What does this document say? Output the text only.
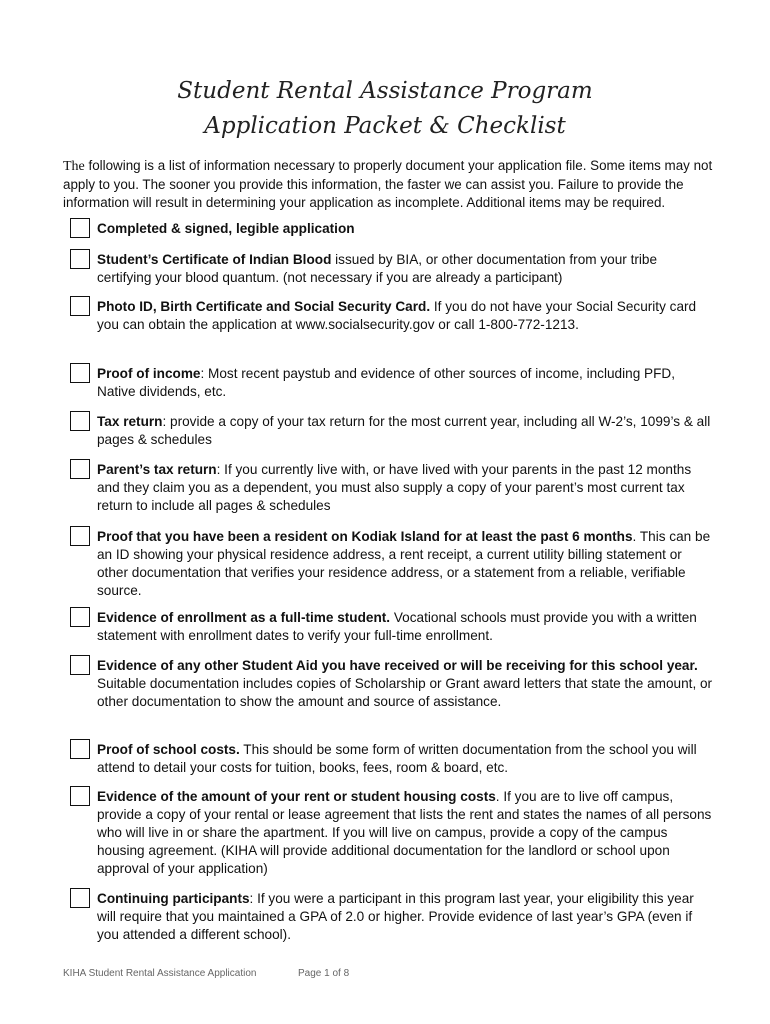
Student Rental Assistance Program
Application Packet & Checklist
The following is a list of information necessary to properly document your application file. Some items may not apply to you. The sooner you provide this information, the faster we can assist you. Failure to provide the information will result in determining your application as incomplete. Additional items may be required.
Completed & signed, legible application
Student’s Certificate of Indian Blood issued by BIA, or other documentation from your tribe certifying your blood quantum. (not necessary if you are already a participant)
Photo ID, Birth Certificate and Social Security Card. If you do not have your Social Security card you can obtain the application at www.socialsecurity.gov or call 1-800-772-1213.
Proof of income: Most recent paystub and evidence of other sources of income, including PFD, Native dividends, etc.
Tax return: provide a copy of your tax return for the most current year, including all W-2’s, 1099’s & all pages & schedules
Parent’s tax return: If you currently live with, or have lived with your parents in the past 12 months and they claim you as a dependent, you must also supply a copy of your parent’s most current tax return to include all pages & schedules
Proof that you have been a resident on Kodiak Island for at least the past 6 months. This can be an ID showing your physical residence address, a rent receipt, a current utility billing statement or other documentation that verifies your residence address, or a statement from a reliable, verifiable source.
Evidence of enrollment as a full-time student. Vocational schools must provide you with a written statement with enrollment dates to verify your full-time enrollment.
Evidence of any other Student Aid you have received or will be receiving for this school year. Suitable documentation includes copies of Scholarship or Grant award letters that state the amount, or other documentation to show the amount and source of assistance.
Proof of school costs. This should be some form of written documentation from the school you will attend to detail your costs for tuition, books, fees, room & board, etc.
Evidence of the amount of your rent or student housing costs. If you are to live off campus, provide a copy of your rental or lease agreement that lists the rent and states the names of all persons who will live in or share the apartment. If you will live on campus, provide a copy of the campus housing agreement. (KIHA will provide additional documentation for the landlord or school upon approval of your application)
Continuing participants: If you were a participant in this program last year, your eligibility this year will require that you maintained a GPA of 2.0 or higher. Provide evidence of last year’s GPA (even if you attended a different school).
KIHA Student Rental Assistance Application	Page 1 of 8
